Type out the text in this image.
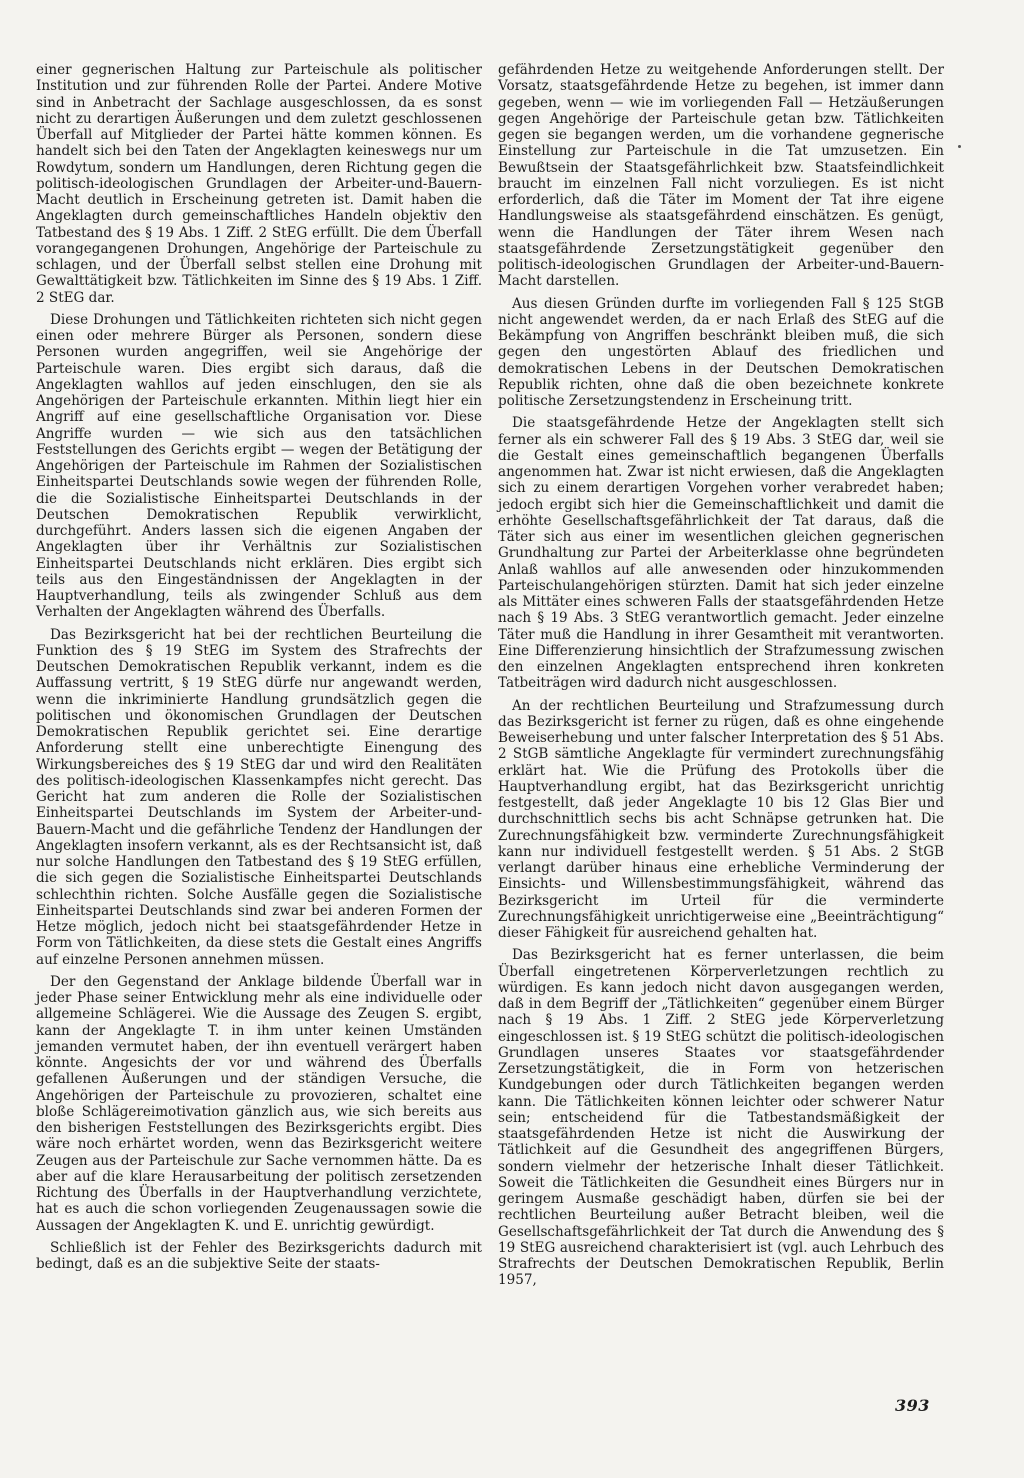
einer gegnerischen Haltung zur Parteischule als politischer Institution und zur führenden Rolle der Partei. Andere Motive sind in Anbetracht der Sachlage ausgeschlossen, da es sonst nicht zu derartigen Äußerungen und dem zuletzt geschlossenen Überfall auf Mitglieder der Partei hätte kommen können. Es handelt sich bei den Taten der Angeklagten keineswegs nur um Rowdytum, sondern um Handlungen, deren Richtung gegen die politisch-ideologischen Grundlagen der Arbeiter-und-Bauern-Macht deutlich in Erscheinung getreten ist. Damit haben die Angeklagten durch gemeinschaftliches Handeln objektiv den Tatbestand des § 19 Abs. 1 Ziff. 2 StEG erfüllt. Die dem Überfall vorangegangenen Drohungen, Angehörige der Parteischule zu schlagen, und der Überfall selbst stellen eine Drohung mit Gewalttätigkeit bzw. Tätlichkeiten im Sinne des § 19 Abs. 1 Ziff. 2 StEG dar.

Diese Drohungen und Tätlichkeiten richteten sich nicht gegen einen oder mehrere Bürger als Personen, sondern diese Personen wurden angegriffen, weil sie Angehörige der Parteischule waren. Dies ergibt sich daraus, daß die Angeklagten wahllos auf jeden einschlugen, den sie als Angehörigen der Parteischule erkannten. Mithin liegt hier ein Angriff auf eine gesellschaftliche Organisation vor. Diese Angriffe wurden — wie sich aus den tatsächlichen Feststellungen des Gerichts ergibt — wegen der Betätigung der Angehörigen der Parteischule im Rahmen der Sozialistischen Einheitspartei Deutschlands sowie wegen der führenden Rolle, die die Sozialistische Einheitspartei Deutschlands in der Deutschen Demokratischen Republik verwirklicht, durchgeführt. Anders lassen sich die eigenen Angaben der Angeklagten über ihr Verhältnis zur Sozialistischen Einheitspartei Deutschlands nicht erklären. Dies ergibt sich teils aus den Eingeständnissen der Angeklagten in der Hauptverhandlung, teils als zwingender Schluß aus dem Verhalten der Angeklagten während des Überfalls.

Das Bezirksgericht hat bei der rechtlichen Beurteilung die Funktion des § 19 StEG im System des Strafrechts der Deutschen Demokratischen Republik verkannt, indem es die Auffassung vertritt, § 19 StEG dürfe nur angewandt werden, wenn die inkriminierte Handlung grundsätzlich gegen die politischen und ökonomischen Grundlagen der Deutschen Demokratischen Republik gerichtet sei. Eine derartige Anforderung stellt eine unberechtigte Einengung des Wirkungsbereiches des § 19 StEG dar und wird den Realitäten des politisch-ideologischen Klassenkampfes nicht gerecht. Das Gericht hat zum anderen die Rolle der Sozialistischen Einheitspartei Deutschlands im System der Arbeiter-und-Bauern-Macht und die gefährliche Tendenz der Handlungen der Angeklagten insofern verkannt, als es der Rechtsansicht ist, daß nur solche Handlungen den Tatbestand des § 19 StEG erfüllen, die sich gegen die Sozialistische Einheitspartei Deutschlands schlechthin richten. Solche Ausfälle gegen die Sozialistische Einheitspartei Deutschlands sind zwar bei anderen Formen der Hetze möglich, jedoch nicht bei staatsgefährdender Hetze in Form von Tätlichkeiten, da diese stets die Gestalt eines Angriffs auf einzelne Personen annehmen müssen.

Der den Gegenstand der Anklage bildende Überfall war in jeder Phase seiner Entwicklung mehr als eine individuelle oder allgemeine Schlägerei. Wie die Aussage des Zeugen S. ergibt, kann der Angeklagte T. in ihm unter keinen Umständen jemanden vermutet haben, der ihn eventuell verärgert haben könnte. Angesichts der vor und während des Überfalls gefallenen Äußerungen und der ständigen Versuche, die Angehörigen der Parteischule zu provozieren, schaltet eine bloße Schlägereimotivation gänzlich aus, wie sich bereits aus den bisherigen Feststellungen des Bezirksgerichts ergibt. Dies wäre noch erhärtet worden, wenn das Bezirksgericht weitere Zeugen aus der Parteischule zur Sache vernommen hätte. Da es aber auf die klare Herausarbeitung der politisch zersetzenden Richtung des Überfalls in der Hauptverhandlung verzichtete, hat es auch die schon vorliegenden Zeugenaussagen sowie die Aussagen der Angeklagten K. und E. unrichtig gewürdigt.

Schließlich ist der Fehler des Bezirksgerichts dadurch mit bedingt, daß es an die subjektive Seite der staats-

gefährdenden Hetze zu weitgehende Anforderungen stellt. Der Vorsatz, staatsgefährdende Hetze zu begehen, ist immer dann gegeben, wenn — wie im vorliegenden Fall — Hetzäußerungen gegen Angehörige der Parteischule getan bzw. Tätlichkeiten gegen sie begangen werden, um die vorhandene gegnerische Einstellung zur Parteischule in die Tat umzusetzen. Ein Bewußtsein der Staatsgefährlichkeit bzw. Staatsfeindlichkeit braucht im einzelnen Fall nicht vorzuliegen. Es ist nicht erforderlich, daß die Täter im Moment der Tat ihre eigene Handlungsweise als staatsgefährdend einschätzen. Es genügt, wenn die Handlungen der Täter ihrem Wesen nach staatsgefährdende Zersetzungstätigkeit gegenüber den politisch-ideologischen Grundlagen der Arbeiter-und-Bauern-Macht darstellen.

Aus diesen Gründen durfte im vorliegenden Fall § 125 StGB nicht angewendet werden, da er nach Erlaß des StEG auf die Bekämpfung von Angriffen beschränkt bleiben muß, die sich gegen den ungestörten Ablauf des friedlichen und demokratischen Lebens in der Deutschen Demokratischen Republik richten, ohne daß die oben bezeichnete konkrete politische Zersetzungstendenz in Erscheinung tritt.

Die staatsgefährdende Hetze der Angeklagten stellt sich ferner als ein schwerer Fall des § 19 Abs. 3 StEG dar, weil sie die Gestalt eines gemeinschaftlich begangenen Überfalls angenommen hat. Zwar ist nicht erwiesen, daß die Angeklagten sich zu einem derartigen Vorgehen vorher verabredet haben; jedoch ergibt sich hier die Gemeinschaftlichkeit und damit die erhöhte Gesellschaftsgefährlichkeit der Tat daraus, daß die Täter sich aus einer im wesentlichen gleichen gegnerischen Grundhaltung zur Partei der Arbeiterklasse ohne begründeten Anlaß wahllos auf alle anwesenden oder hinzukommenden Parteischulangehörigen stürzten. Damit hat sich jeder einzelne als Mittäter eines schweren Falls der staatsgefährdenden Hetze nach § 19 Abs. 3 StEG verantwortlich gemacht. Jeder einzelne Täter muß die Handlung in ihrer Gesamtheit mit verantworten. Eine Differenzierung hinsichtlich der Strafzumessung zwischen den einzelnen Angeklagten entsprechend ihren konkreten Tatbeiträgen wird dadurch nicht ausgeschlossen.

An der rechtlichen Beurteilung und Strafzumessung durch das Bezirksgericht ist ferner zu rügen, daß es ohne eingehende Beweiserhebung und unter falscher Interpretation des § 51 Abs. 2 StGB sämtliche Angeklagte für vermindert zurechnungsfähig erklärt hat. Wie die Prüfung des Protokolls über die Hauptverhandlung ergibt, hat das Bezirksgericht unrichtig festgestellt, daß jeder Angeklagte 10 bis 12 Glas Bier und durchschnittlich sechs bis acht Schnäpse getrunken hat. Die Zurechnungsfähigkeit bzw. verminderte Zurechnungsfähigkeit kann nur individuell festgestellt werden. § 51 Abs. 2 StGB verlangt darüber hinaus eine erhebliche Verminderung der Einsichts- und Willensbestimmungsfähigkeit, während das Bezirksgericht im Urteil für die verminderte Zurechnungsfähigkeit unrichtigerweise eine „Beeinträchtigung“ dieser Fähigkeit für ausreichend gehalten hat.

Das Bezirksgericht hat es ferner unterlassen, die beim Überfall eingetretenen Körperverletzungen rechtlich zu würdigen. Es kann jedoch nicht davon ausgegangen werden, daß in dem Begriff der „Tätlichkeiten“ gegenüber einem Bürger nach § 19 Abs. 1 Ziff. 2 StEG jede Körperverletzung eingeschlossen ist. § 19 StEG schützt die politisch-ideologischen Grundlagen unseres Staates vor staatsgefährdender Zersetzungstätigkeit, die in Form von hetzerischen Kundgebungen oder durch Tätlichkeiten begangen werden kann. Die Tätlichkeiten können leichter oder schwerer Natur sein; entscheidend für die Tatbestandsmäßigkeit der staatsgefährdenden Hetze ist nicht die Auswirkung der Tätlichkeit auf die Gesundheit des angegriffenen Bürgers, sondern vielmehr der hetzerische Inhalt dieser Tätlichkeit. Soweit die Tätlichkeiten die Gesundheit eines Bürgers nur in geringem Ausmaße geschädigt haben, dürfen sie bei der rechtlichen Beurteilung außer Betracht bleiben, weil die Gesellschaftsgefährlichkeit der Tat durch die Anwendung des § 19 StEG ausreichend charakterisiert ist (vgl. auch Lehrbuch des Strafrechts der Deutschen Demokratischen Republik, Berlin 1957,

393
